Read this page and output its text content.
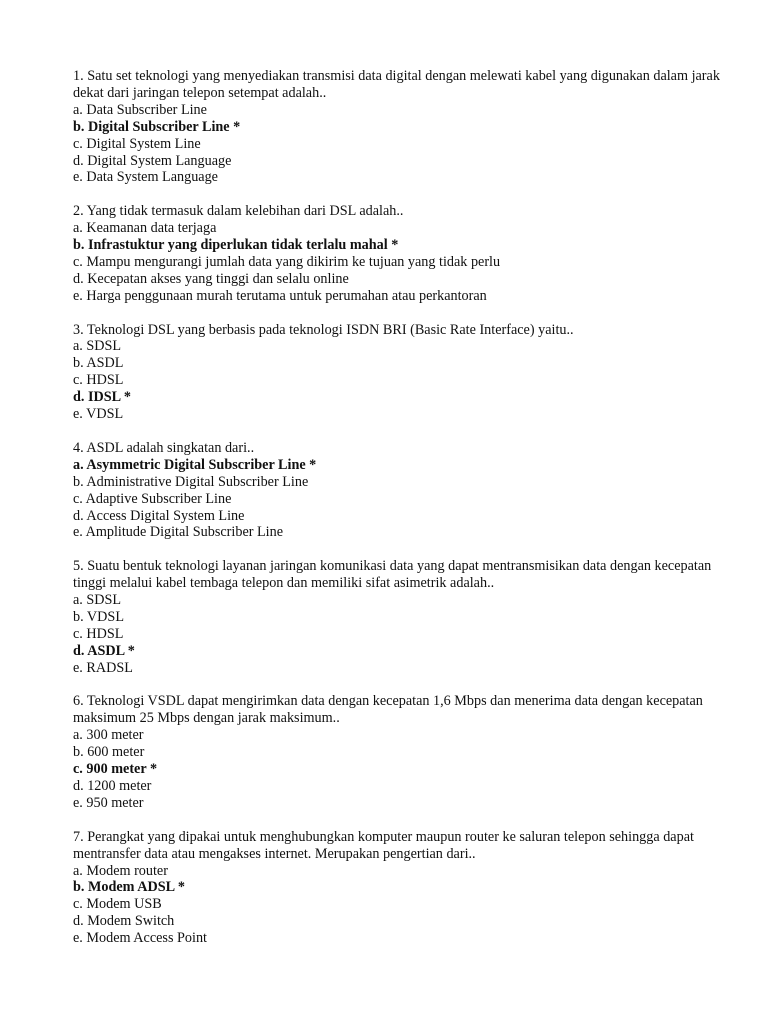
1. Satu set teknologi yang menyediakan transmisi data digital dengan melewati kabel yang digunakan dalam jarak dekat dari jaringan telepon setempat adalah..
a. Data Subscriber Line
b. Digital Subscriber Line *
c. Digital System Line
d. Digital System Language
e. Data System Language
2. Yang tidak termasuk dalam kelebihan dari DSL adalah..
a. Keamanan data terjaga
b. Infrastuktur yang diperlukan tidak terlalu mahal *
c. Mampu mengurangi jumlah data yang dikirim ke tujuan yang tidak perlu
d. Kecepatan akses yang tinggi dan selalu online
e. Harga penggunaan murah terutama untuk perumahan atau perkantoran
3. Teknologi DSL yang berbasis pada teknologi ISDN BRI (Basic Rate Interface) yaitu..
a. SDSL
b. ASDL
c. HDSL
d. IDSL *
e. VDSL
4. ASDL adalah singkatan dari..
a. Asymmetric Digital Subscriber Line *
b. Administrative Digital Subscriber Line
c. Adaptive Subscriber Line
d. Access Digital System Line
e. Amplitude Digital Subscriber Line
5. Suatu bentuk teknologi layanan jaringan komunikasi data yang dapat mentransmisikan data dengan kecepatan tinggi melalui kabel tembaga telepon dan memiliki sifat asimetrik adalah..
a. SDSL
b. VDSL
c. HDSL
d. ASDL *
e. RADSL
6. Teknologi VSDL dapat mengirimkan data dengan kecepatan 1,6 Mbps dan menerima data dengan kecepatan maksimum 25 Mbps dengan jarak maksimum..
a. 300 meter
b. 600 meter
c. 900 meter *
d. 1200 meter
e. 950 meter
7. Perangkat yang dipakai untuk menghubungkan komputer maupun router ke saluran telepon sehingga dapat mentransfer data atau mengakses internet. Merupakan pengertian dari..
a. Modem router
b. Modem ADSL *
c. Modem USB
d. Modem Switch
e. Modem Access Point
